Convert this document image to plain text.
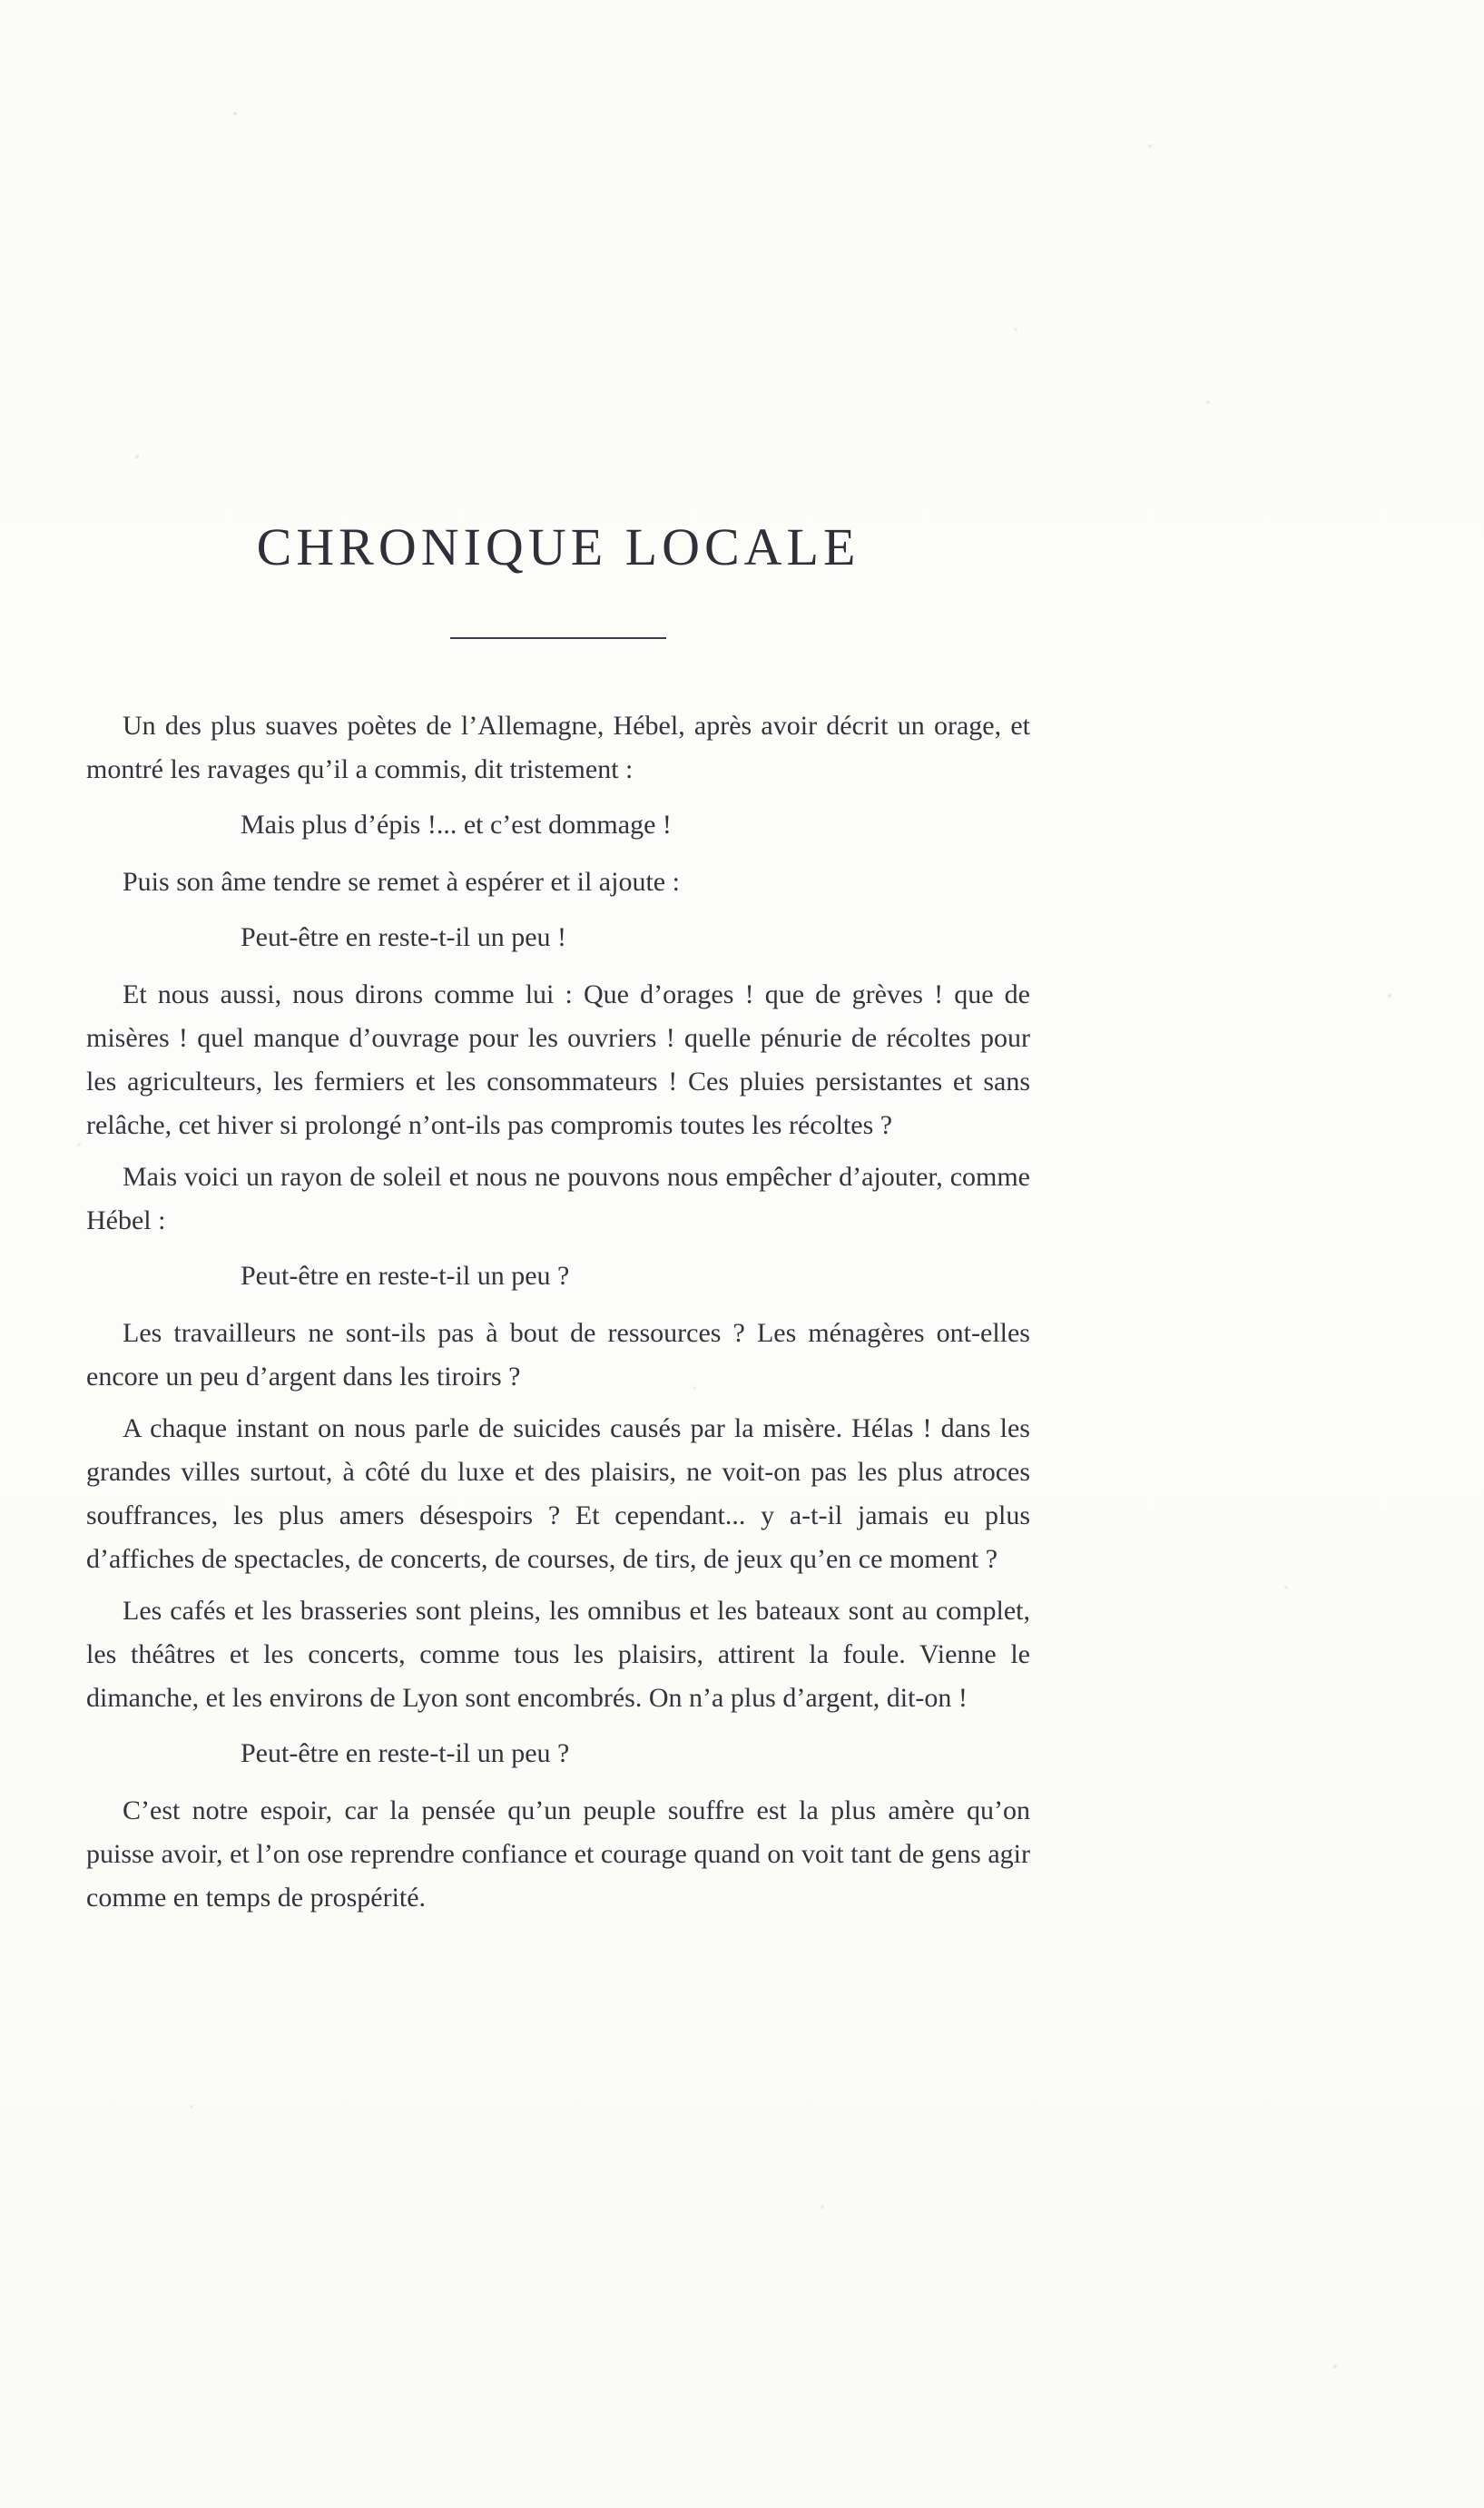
CHRONIQUE LOCALE

Un des plus suaves poètes de l’Allemagne, Hébel, après avoir décrit un orage, et montré les ravages qu’il a commis, dit tristement :

Mais plus d’épis !... et c’est dommage !

Puis son âme tendre se remet à espérer et il ajoute :

Peut-être en reste-t-il un peu !

Et nous aussi, nous dirons comme lui : Que d’orages ! que de grèves ! que de misères ! quel manque d’ouvrage pour les ouvriers ! quelle pénurie de récoltes pour les agriculteurs, les fermiers et les consommateurs ! Ces pluies persistantes et sans relâche, cet hiver si prolongé n’ont-ils pas compromis toutes les récoltes ?

Mais voici un rayon de soleil et nous ne pouvons nous empêcher d’ajouter, comme Hébel :

Peut-être en reste-t-il un peu ?

Les travailleurs ne sont-ils pas à bout de ressources ? Les ménagères ont-elles encore un peu d’argent dans les tiroirs ?

A chaque instant on nous parle de suicides causés par la misère. Hélas ! dans les grandes villes surtout, à côté du luxe et des plaisirs, ne voit-on pas les plus atroces souffrances, les plus amers désespoirs ? Et cependant... y a-t-il jamais eu plus d’affiches de spectacles, de concerts, de courses, de tirs, de jeux qu’en ce moment ?

Les cafés et les brasseries sont pleins, les omnibus et les bateaux sont au complet, les théâtres et les concerts, comme tous les plaisirs, attirent la foule. Vienne le dimanche, et les environs de Lyon sont encombrés. On n’a plus d’argent, dit-on !

Peut-être en reste-t-il un peu ?

C’est notre espoir, car la pensée qu’un peuple souffre est la plus amère qu’on puisse avoir, et l’on ose reprendre confiance et courage quand on voit tant de gens agir comme en temps de prospérité.
